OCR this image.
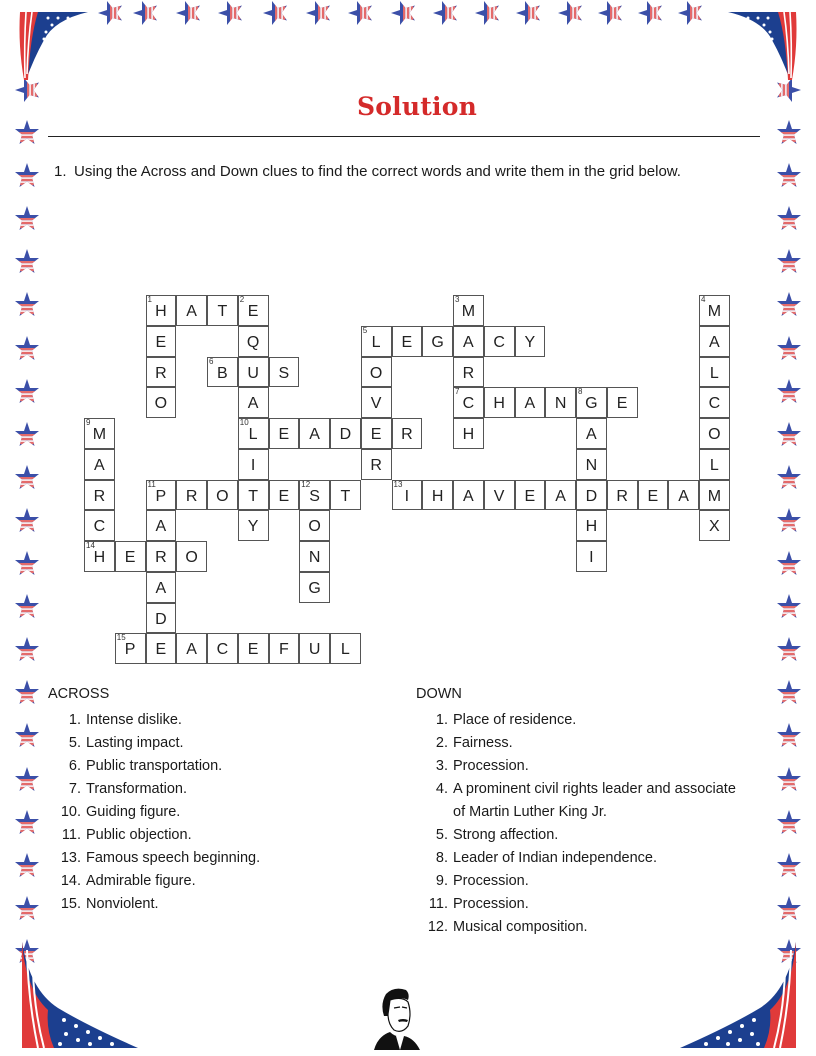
Solution
1. Using the Across and Down clues to find the correct words and write them in the grid below.
1
H	A	T
2
E
E
R
O
Q
U
A
10
L
I
T
Y
3
M
A
R
7
C
H
4
M
A
L
C
O
L
M
X
5
L	E	G	C	Y
O
V
E
R
6
B	S
H	A	N
8
G	E
A
N
D
H
I
9
M
A
R
C
14
H
E	A	D	R
11
P	R	O	E
12
S	T
A
R
A
D
E
O
N
G
13
I	H	A	V	E	A	R	E	A
E	O
15
P	A	C	E	F	U	L
ACROSS
1. Intense dislike.
5. Lasting impact.
6. Public transportation.
7. Transformation.
10. Guiding figure.
11. Public objection.
13. Famous speech beginning.
14. Admirable figure.
15. Nonviolent.
DOWN
1. Place of residence.
2. Fairness.
3. Procession.
4. A prominent civil rights leader and associate
of Martin Luther King Jr.
5. Strong affection.
8. Leader of Indian independence.
9. Procession.
11. Procession.
12. Musical composition.
